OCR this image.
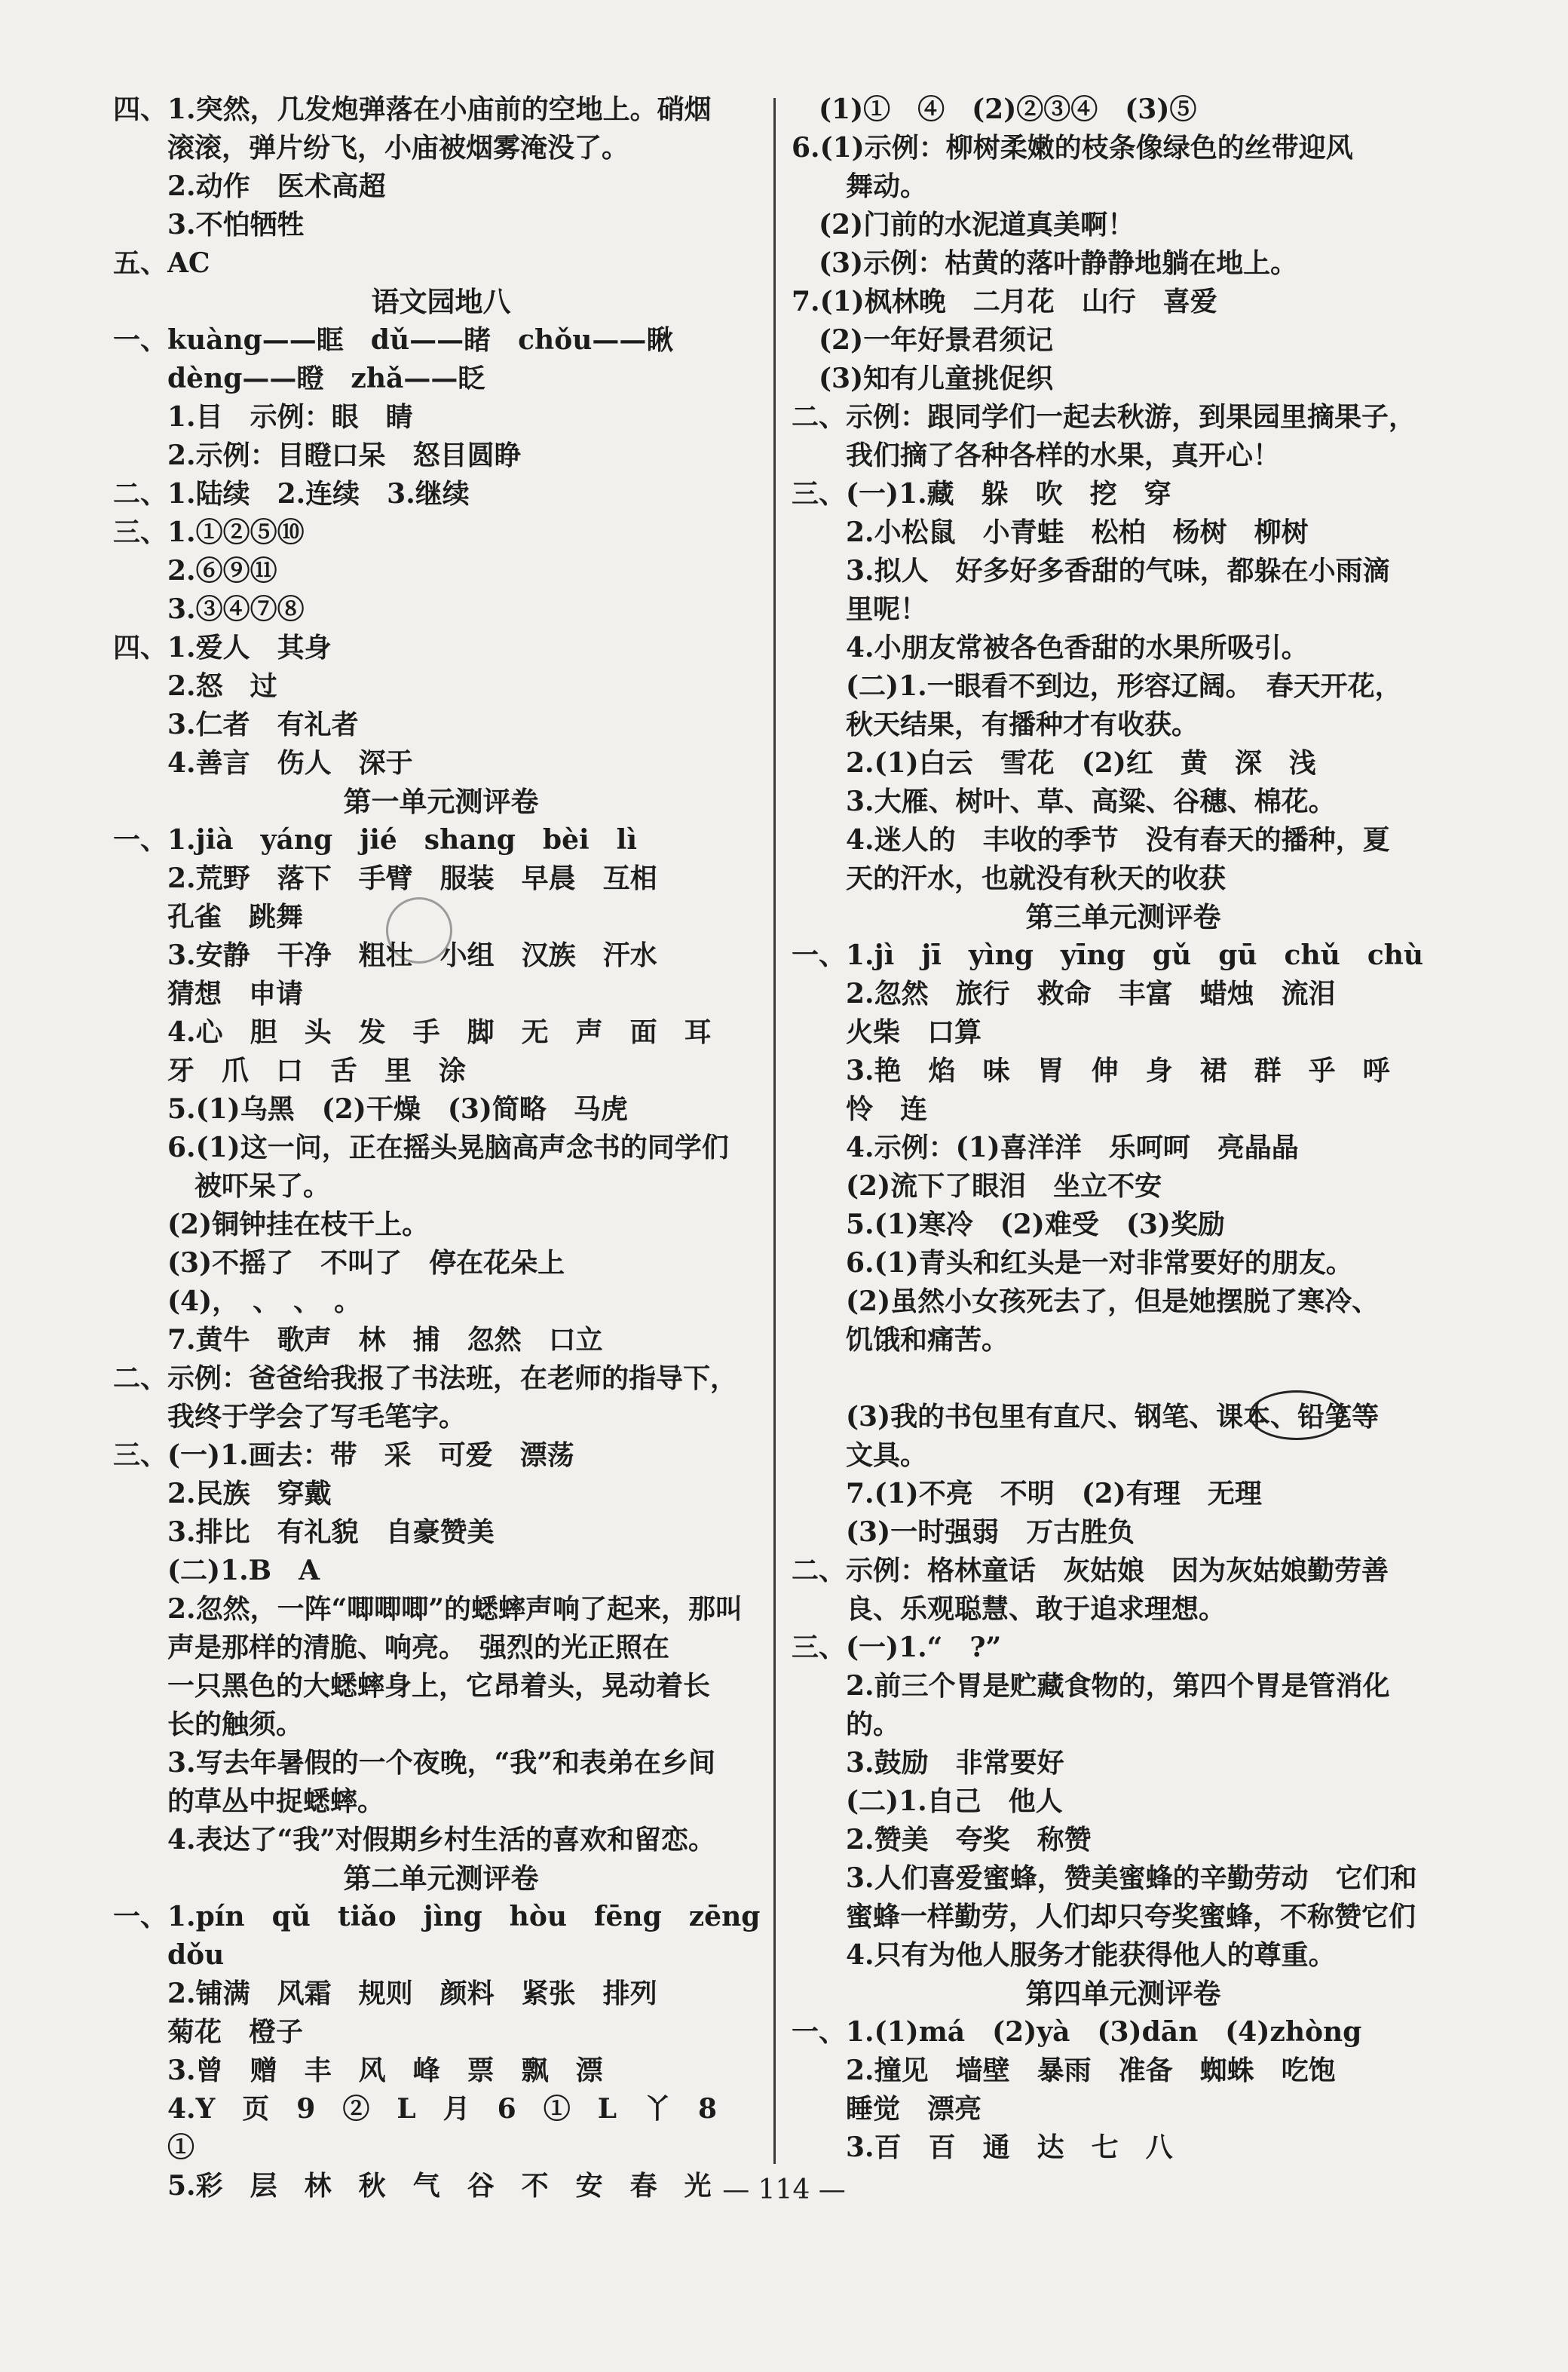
四、1.突然，几发炮弹落在小庙前的空地上。硝烟
　　滚滚，弹片纷飞，小庙被烟雾淹没了。
　　2.动作　医术高超
　　3.不怕牺牲
五、AC
语文园地八
一、kuàng——眶　dǔ——睹　chǒu——瞅
　　dèng——瞪　zhǎ——眨
　　1.目　示例：眼　睛
　　2.示例：目瞪口呆　怒目圆睁
二、1.陆续　2.连续　3.继续
三、1.①②⑤⑩
　　2.⑥⑨⑪
　　3.③④⑦⑧
四、1.爱人　其身
　　2.怒　过
　　3.仁者　有礼者
　　4.善言　伤人　深于
第一单元测评卷
一、1.jià　yáng　jié　shang　bèi　lì
　　2.荒野　落下　手臂　服装　早晨　互相
　　孔雀　跳舞
　　3.安静　干净　粗壮　小组　汉族　汗水
　　猜想　申请
　　4.心　胆　头　发　手　脚　无　声　面　耳
　　牙　爪　口　舌　里　涂
　　5.(1)乌黑　(2)干燥　(3)简略　马虎
　　6.(1)这一问，正在摇头晃脑高声念书的同学们
　　　被吓呆了。
　　(2)铜钟挂在枝干上。
　　(3)不摇了　不叫了　停在花朵上
　　(4)，　、　、　。
　　7.黄牛　歌声　林　捕　忽然　口立
二、示例：爸爸给我报了书法班，在老师的指导下，
　　我终于学会了写毛笔字。
三、(一)1.画去：带　采　可爱　漂荡
　　2.民族　穿戴
　　3.排比　有礼貌　自豪赞美
　　(二)1.B　A
　　2.忽然，一阵“唧唧唧”的蟋蟀声响了起来，那叫
　　声是那样的清脆、响亮。　强烈的光正照在
　　一只黑色的大蟋蟀身上，它昂着头，晃动着长
　　长的触须。
　　3.写去年暑假的一个夜晚，“我”和表弟在乡间
　　的草丛中捉蟋蟀。
　　4.表达了“我”对假期乡村生活的喜欢和留恋。
第二单元测评卷
一、1.pín　qǔ　tiǎo　jìng　hòu　fēng　zēng
　　dǒu
　　2.铺满　风霜　规则　颜料　紧张　排列
　　菊花　橙子
　　3.曾　赠　丰　风　峰　票　飘　漂
　　4.Y　页　9　②　L　月　6　①　L　丫　8
　　①
　　5.彩　层　林　秋　气　谷　不　安　春　光
　(1)①　④　(2)②③④　(3)⑤
6.(1)示例：柳树柔嫩的枝条像绿色的丝带迎风
　　舞动。
　(2)门前的水泥道真美啊！
　(3)示例：枯黄的落叶静静地躺在地上。
7.(1)枫林晚　二月花　山行　喜爱
　(2)一年好景君须记
　(3)知有儿童挑促织
二、示例：跟同学们一起去秋游，到果园里摘果子，
　　我们摘了各种各样的水果，真开心！
三、(一)1.藏　躲　吹　挖　穿
　　2.小松鼠　小青蛙　松柏　杨树　柳树
　　3.拟人　好多好多香甜的气味，都躲在小雨滴
　　里呢！
　　4.小朋友常被各色香甜的水果所吸引。
　　(二)1.一眼看不到边，形容辽阔。　春天开花，
　　秋天结果，有播种才有收获。
　　2.(1)白云　雪花　(2)红　黄　深　浅
　　3.大雁、树叶、草、高粱、谷穗、棉花。
　　4.迷人的　丰收的季节　没有春天的播种，夏
　　天的汗水，也就没有秋天的收获
第三单元测评卷
一、1.jì　jī　yìng　yīng　gǔ　gū　chǔ　chù
　　2.忽然　旅行　救命　丰富　蜡烛　流泪
　　火柴　口算
　　3.艳　焰　味　胃　伸　身　裙　群　乎　呼
　　怜　连
　　4.示例：(1)喜洋洋　乐呵呵　亮晶晶
　　(2)流下了眼泪　坐立不安
　　5.(1)寒冷　(2)难受　(3)奖励
　　6.(1)青头和红头是一对非常要好的朋友。
　　(2)虽然小女孩死去了，但是她摆脱了寒冷、
　　饥饿和痛苦。
　　(3)我的书包里有直尺、钢笔、课本、铅笔等
　　文具。
　　7.(1)不亮　不明　(2)有理　无理
　　(3)一时强弱　万古胜负
二、示例：格林童话　灰姑娘　因为灰姑娘勤劳善
　　良、乐观聪慧、敢于追求理想。
三、(一)1.“　?”
　　2.前三个胃是贮藏食物的，第四个胃是管消化
　　的。
　　3.鼓励　非常要好
　　(二)1.自己　他人
　　2.赞美　夸奖　称赞
　　3.人们喜爱蜜蜂，赞美蜜蜂的辛勤劳动　它们和
　　蜜蜂一样勤劳，人们却只夸奖蜜蜂，不称赞它们
　　4.只有为他人服务才能获得他人的尊重。
第四单元测评卷
一、1.(1)má　(2)yà　(3)dān　(4)zhòng
　　2.撞见　墙壁　暴雨　准备　蜘蛛　吃饱
　　睡觉　漂亮
　　3.百　百　通　达　七　八
— 114 —
